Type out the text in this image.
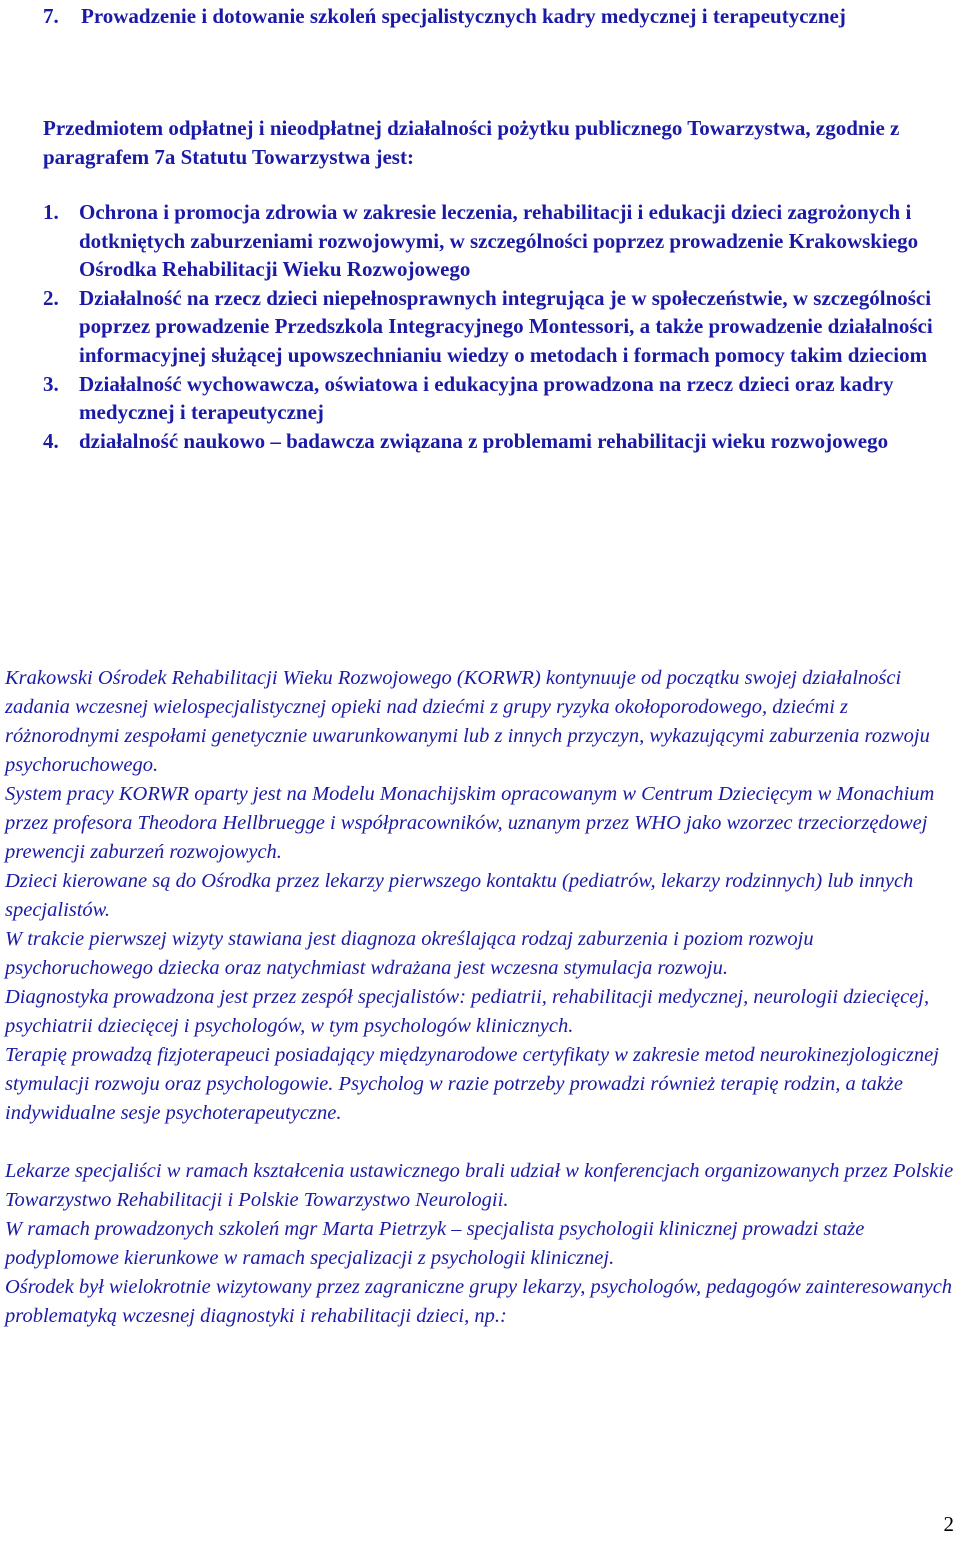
7.	Prowadzenie i dotowanie szkoleń specjalistycznych kadry medycznej i terapeutycznej
Przedmiotem odpłatnej i nieodpłatnej działalności pożytku publicznego Towarzystwa, zgodnie z paragrafem 7a Statutu Towarzystwa jest:
1. Ochrona i promocja zdrowia w zakresie leczenia, rehabilitacji i edukacji dzieci zagrożonych i dotkniętych zaburzeniami rozwojowymi, w szczególności poprzez prowadzenie Krakowskiego Ośrodka Rehabilitacji Wieku Rozwojowego
2. Działalność na rzecz dzieci niepełnosprawnych integrująca je w społeczeństwie, w szczególności poprzez prowadzenie Przedszkola Integracyjnego Montessori, a także prowadzenie działalności informacyjnej służącej upowszechnianiu wiedzy o metodach i formach pomocy takim dzieciom
3. Działalność wychowawcza, oświatowa i edukacyjna prowadzona na rzecz dzieci oraz kadry medycznej i terapeutycznej
4. działalność naukowo – badawcza związana z problemami rehabilitacji wieku rozwojowego

Krakowski Ośrodek Rehabilitacji Wieku Rozwojowego (KORWR) kontynuuje od początku swojej działalności zadania wczesnej wielospecjalistycznej opieki nad dziećmi z grupy ryzyka okołoporodowego, dziećmi z różnorodnymi zespołami genetycznie uwarunkowanymi lub z innych przyczyn, wykazującymi zaburzenia rozwoju psychoruchowego.

System pracy KORWR oparty jest na Modelu Monachijskim opracowanym w Centrum Dziecięcym w Monachium przez profesora Theodora Hellbruegge i współpracowników, uznanym przez WHO jako wzorzec trzeciorzędowej prewencji zaburzeń rozwojowych.

Dzieci kierowane są do Ośrodka przez lekarzy pierwszego kontaktu (pediatrów, lekarzy rodzinnych) lub innych specjalistów.

W trakcie pierwszej wizyty stawiana jest diagnoza określająca rodzaj zaburzenia i poziom rozwoju psychoruchowego dziecka oraz natychmiast wdrażana jest wczesna stymulacja rozwoju.

Diagnostyka prowadzona jest przez zespół specjalistów: pediatrii, rehabilitacji medycznej, neurologii dziecięcej, psychiatrii dziecięcej i psychologów, w tym psychologów klinicznych.

Terapię prowadzą fizjoterapeuci posiadający międzynarodowe certyfikaty w zakresie metod neurokinezjologicznej stymulacji rozwoju oraz psychologowie. Psycholog w razie potrzeby prowadzi również terapię rodzin, a także indywidualne sesje psychoterapeutyczne.

Lekarze specjaliści w ramach kształcenia ustawicznego brali udział w konferencjach organizowanych przez Polskie Towarzystwo Rehabilitacji i Polskie Towarzystwo Neurologii.

W ramach prowadzonych szkoleń mgr Marta Pietrzyk – specjalista psychologii klinicznej prowadzi staże podyplomowe kierunkowe w ramach specjalizacji z psychologii klinicznej.

Ośrodek był wielokrotnie wizytowany przez zagraniczne grupy lekarzy, psychologów, pedagogów zainteresowanych problematyką wczesnej diagnostyki i rehabilitacji dzieci, np.:

2
